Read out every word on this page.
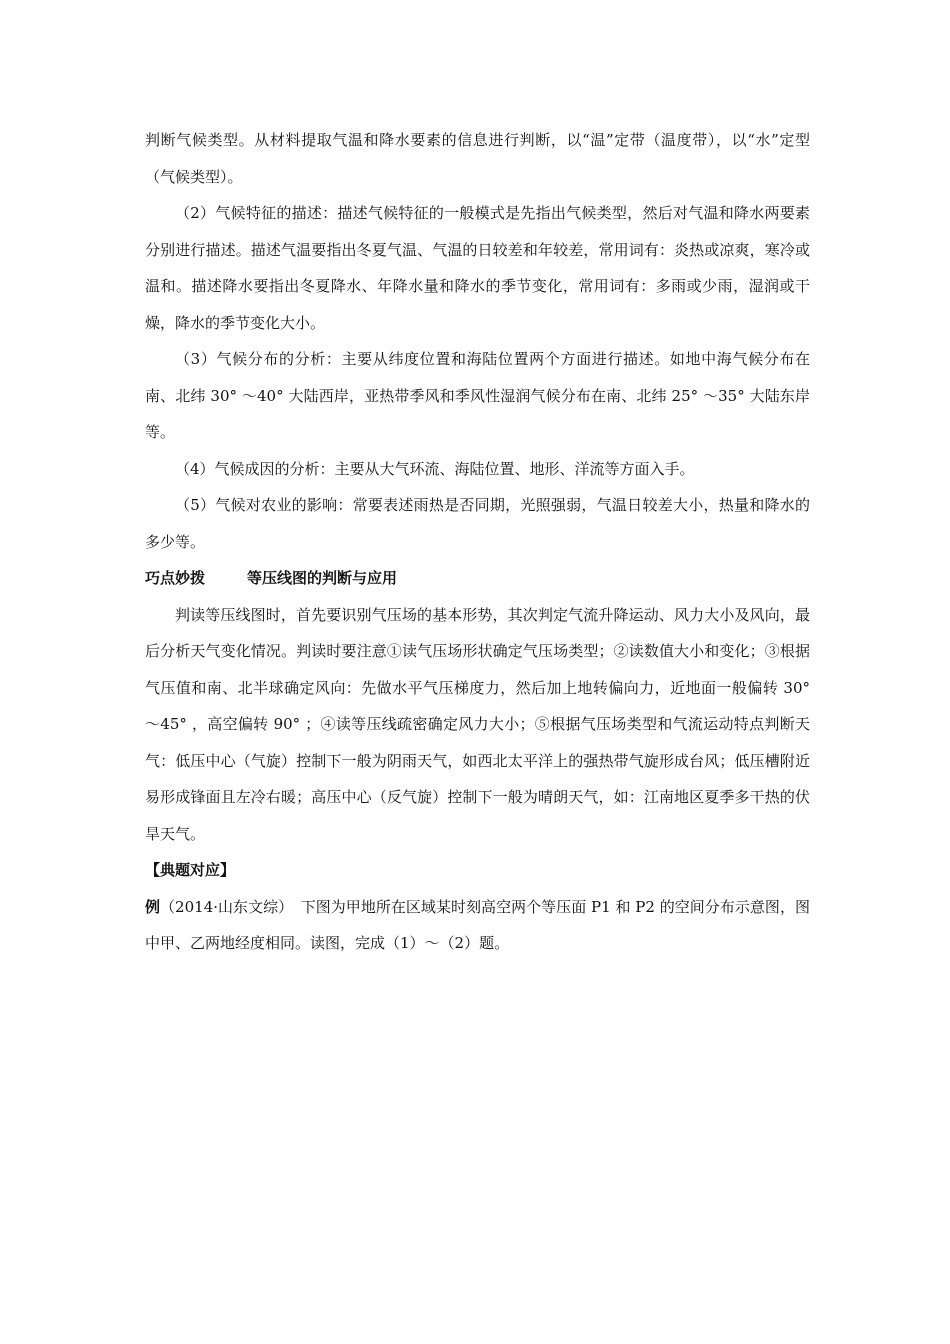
判断气候类型。从材料提取气温和降水要素的信息进行判断，以“温”定带（温度带），以“水”定型（气候类型）。

（2）气候特征的描述：描述气候特征的一般模式是先指出气候类型，然后对气温和降水两要素分别进行描述。描述气温要指出冬夏气温、气温的日较差和年较差，常用词有：炎热或凉爽，寒冷或温和。描述降水要指出冬夏降水、年降水量和降水的季节变化，常用词有：多雨或少雨，湿润或干燥，降水的季节变化大小。

（3）气候分布的分析：主要从纬度位置和海陆位置两个方面进行描述。如地中海气候分布在南、北纬 30° ～40° 大陆西岸，亚热带季风和季风性湿润气候分布在南、北纬 25° ～35° 大陆东岸等。

（4）气候成因的分析：主要从大气环流、海陆位置、地形、洋流等方面入手。

（5）气候对农业的影响：常要表述雨热是否同期，光照强弱，气温日较差大小，热量和降水的多少等。

巧点妙拨	等压线图的判断与应用

判读等压线图时，首先要识别气压场的基本形势，其次判定气流升降运动、风力大小及风向，最后分析天气变化情况。判读时要注意①读气压场形状确定气压场类型；②读数值大小和变化；③根据气压值和南、北半球确定风向：先做水平气压梯度力，然后加上地转偏向力，近地面一般偏转 30° ～45° ，高空偏转 90° ；④读等压线疏密确定风力大小；⑤根据气压场类型和气流运动特点判断天气：低压中心（气旋）控制下一般为阴雨天气，如西北太平洋上的强热带气旋形成台风；低压槽附近易形成锋面且左冷右暖；高压中心（反气旋）控制下一般为晴朗天气，如：江南地区夏季多干热的伏旱天气。

【典题对应】

例（2014·山东文综）　下图为甲地所在区域某时刻高空两个等压面 P1 和 P2 的空间分布示意图，图中甲、乙两地经度相同。读图，完成（1）～（2）题。
